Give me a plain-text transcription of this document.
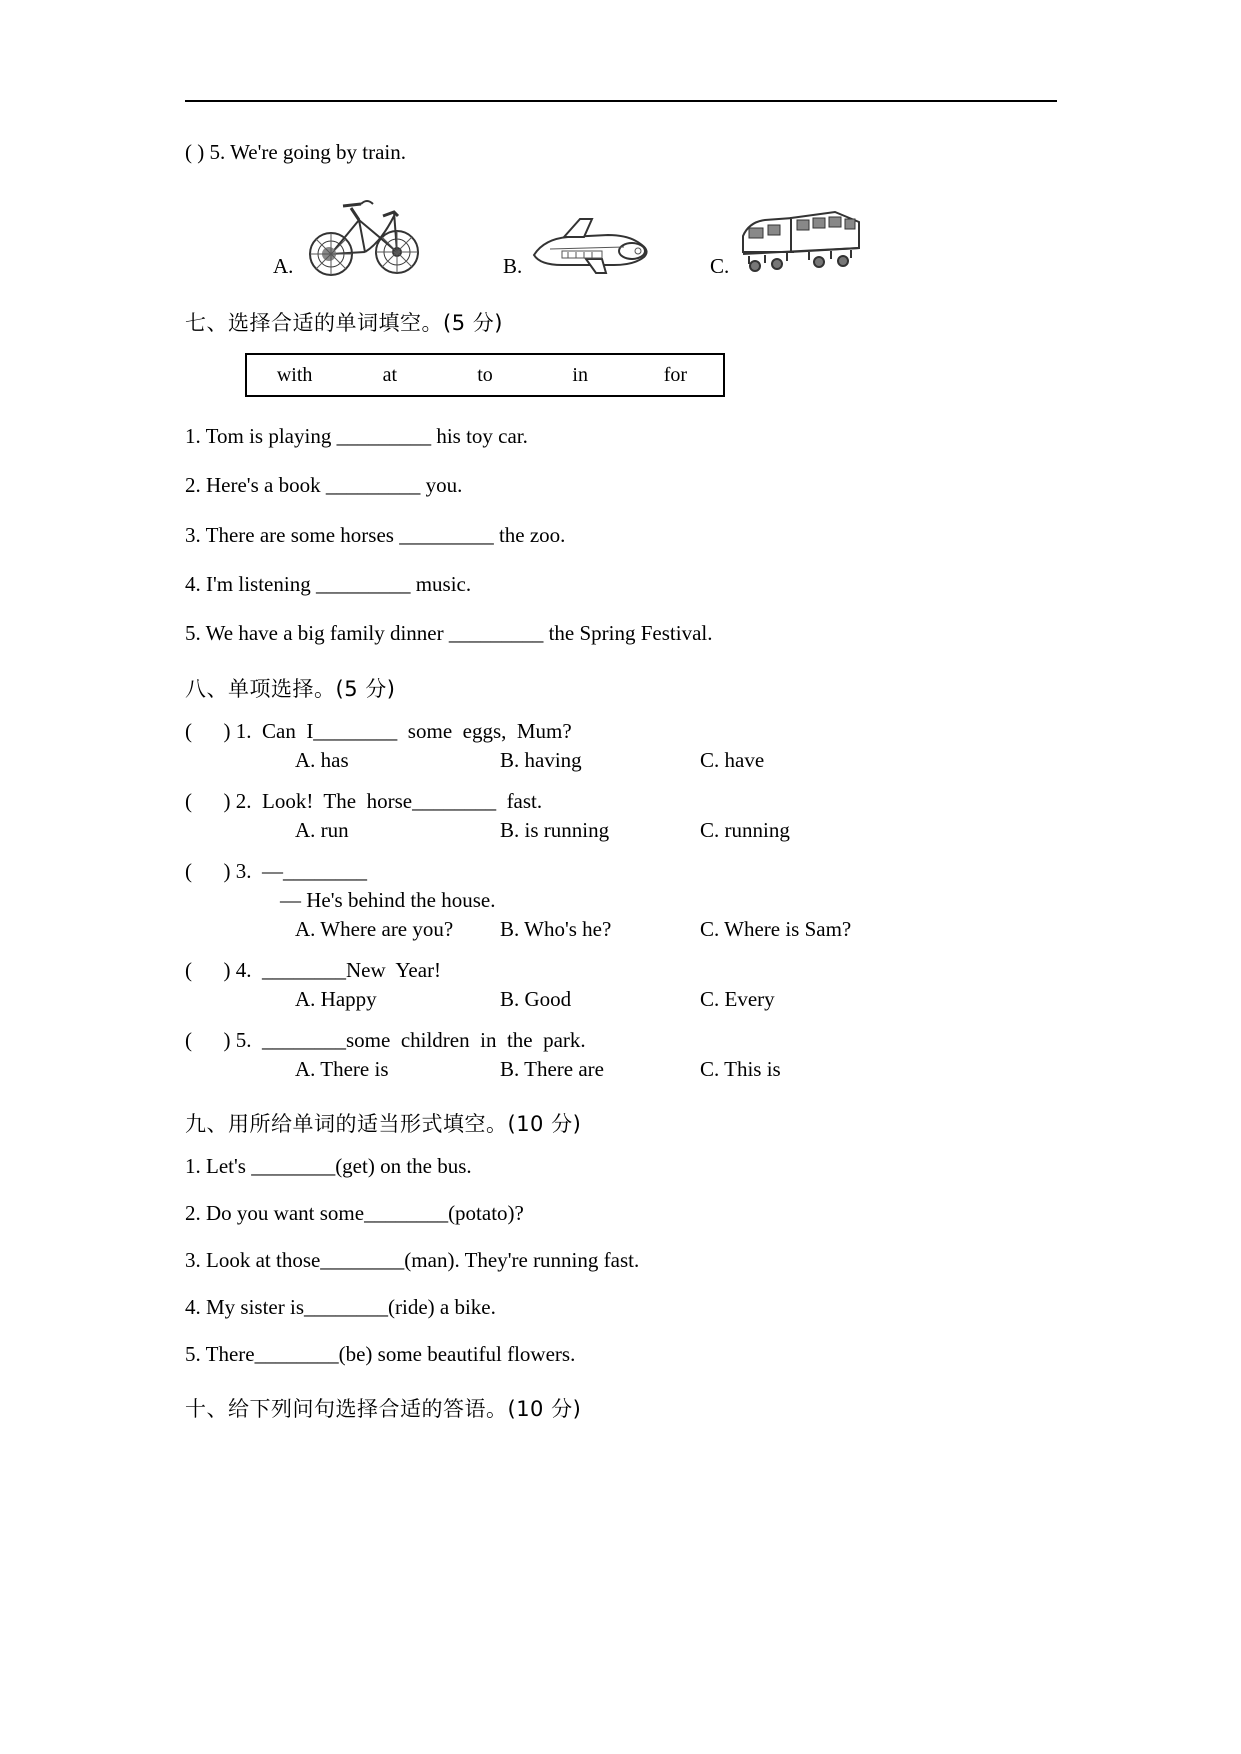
( ) 5. We're going by train.
A.	B.	C.
七、选择合适的单词填空。(5 分)
with	at	to	in	for
1. Tom is playing _________ his toy car.
2. Here's a book _________ you.
3. There are some horses _________ the zoo.
4. I'm listening _________ music.
5. We have a big family dinner _________ the Spring Festival.
八、单项选择。(5 分)
(      ) 1.  Can  I________  some  eggs,  Mum?
A. has	B. having	C. have
(      ) 2.  Look!  The  horse________  fast.
A. run	B. is running	C. running
(      ) 3.  —________
— He's behind the house.
A. Where are you?	B. Who's he?	C. Where is Sam?
(      ) 4.  ________New  Year!
A. Happy	B. Good	C. Every
(      ) 5.  ________some  children  in  the  park.
A. There is	B. There are	C. This is
九、用所给单词的适当形式填空。(10 分)
1. Let's ________(get) on the bus.
2. Do you want some________(potato)?
3. Look at those________(man). They're running fast.
4. My sister is________(ride) a bike.
5. There________(be) some beautiful flowers.
十、给下列问句选择合适的答语。(10 分)
